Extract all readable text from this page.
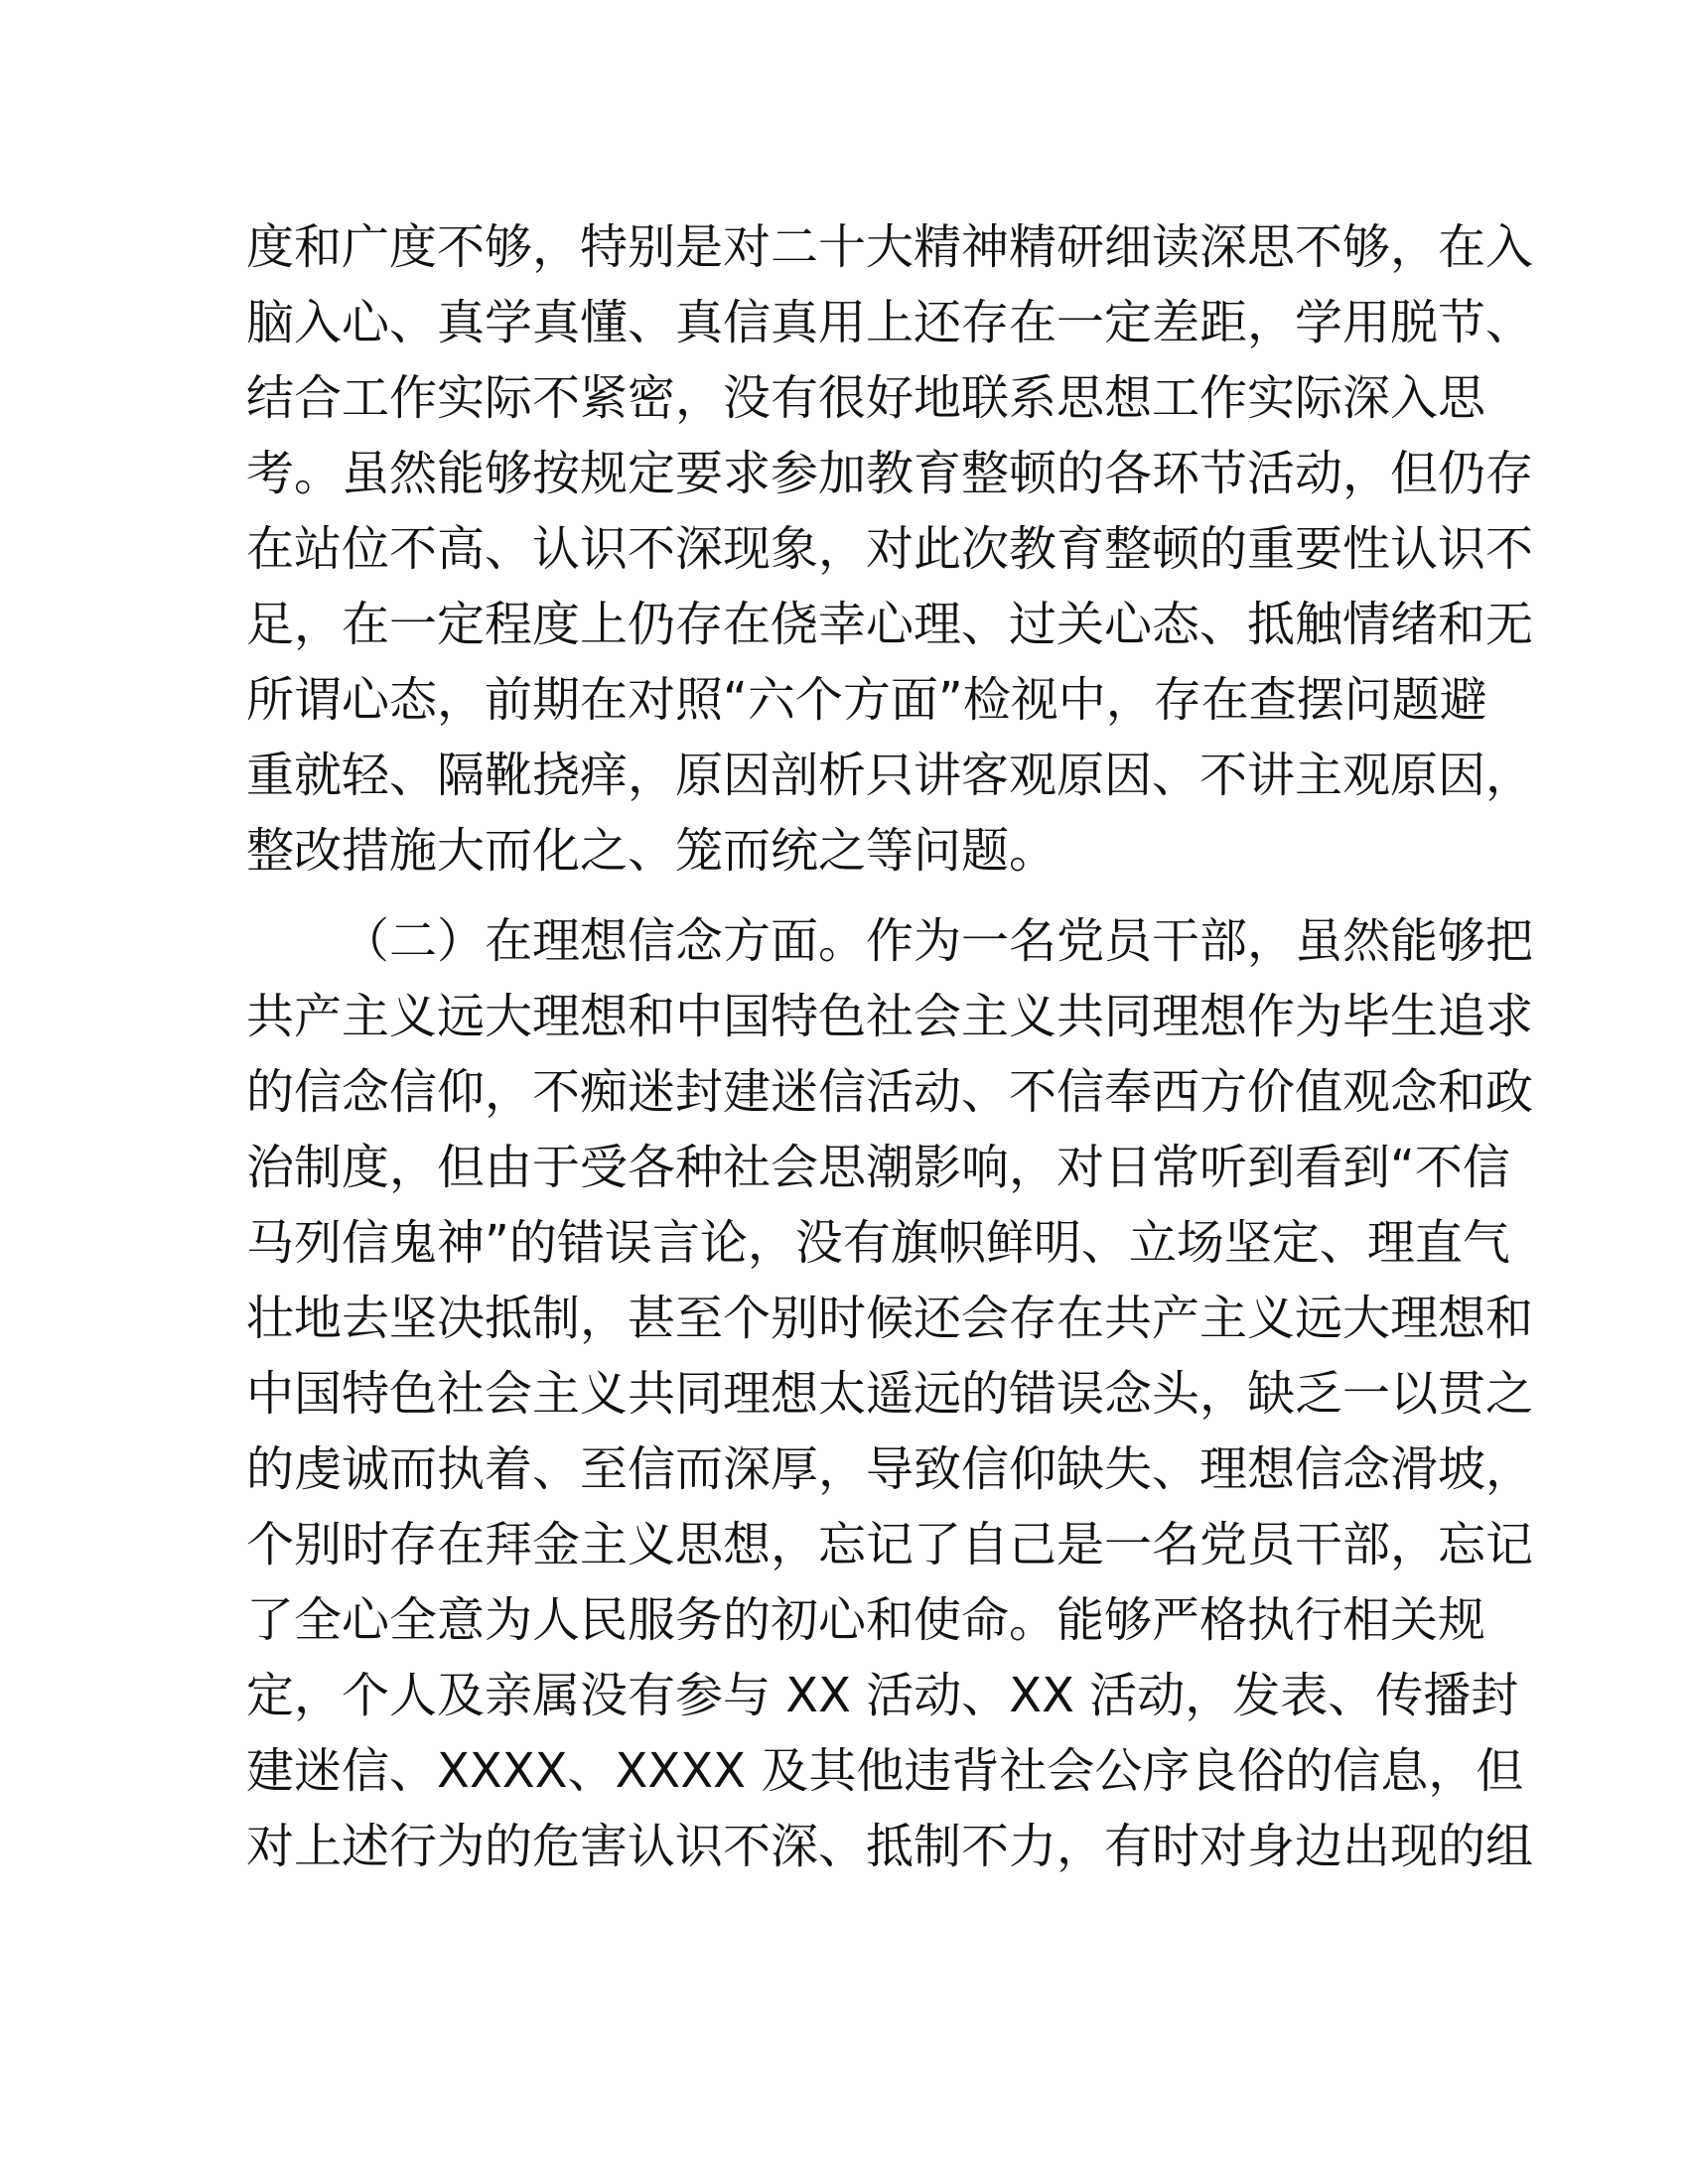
度和广度不够，特别是对二十大精神精研细读深思不够，在入
脑入心、真学真懂、真信真用上还存在一定差距，学用脱节、
结合工作实际不紧密，没有很好地联系思想工作实际深入思
考。虽然能够按规定要求参加教育整顿的各环节活动，但仍存
在站位不高、认识不深现象，对此次教育整顿的重要性认识不
足，在一定程度上仍存在侥幸心理、过关心态、抵触情绪和无
所谓心态，前期在对照“六个方面”检视中，存在查摆问题避
重就轻、隔靴挠痒，原因剖析只讲客观原因、不讲主观原因，
整改措施大而化之、笼而统之等问题。
（二）在理想信念方面。作为一名党员干部，虽然能够把
共产主义远大理想和中国特色社会主义共同理想作为毕生追求
的信念信仰，不痴迷封建迷信活动、不信奉西方价值观念和政
治制度，但由于受各种社会思潮影响，对日常听到看到“不信
马列信鬼神”的错误言论，没有旗帜鲜明、立场坚定、理直气
壮地去坚决抵制，甚至个别时候还会存在共产主义远大理想和
中国特色社会主义共同理想太遥远的错误念头，缺乏一以贯之
的虔诚而执着、至信而深厚，导致信仰缺失、理想信念滑坡，
个别时存在拜金主义思想，忘记了自己是一名党员干部，忘记
了全心全意为人民服务的初心和使命。能够严格执行相关规
定，个人及亲属没有参与 XX 活动、XX 活动，发表、传播封
建迷信、XXXX、XXXX 及其他违背社会公序良俗的信息，但
对上述行为的危害认识不深、抵制不力，有时对身边出现的组
